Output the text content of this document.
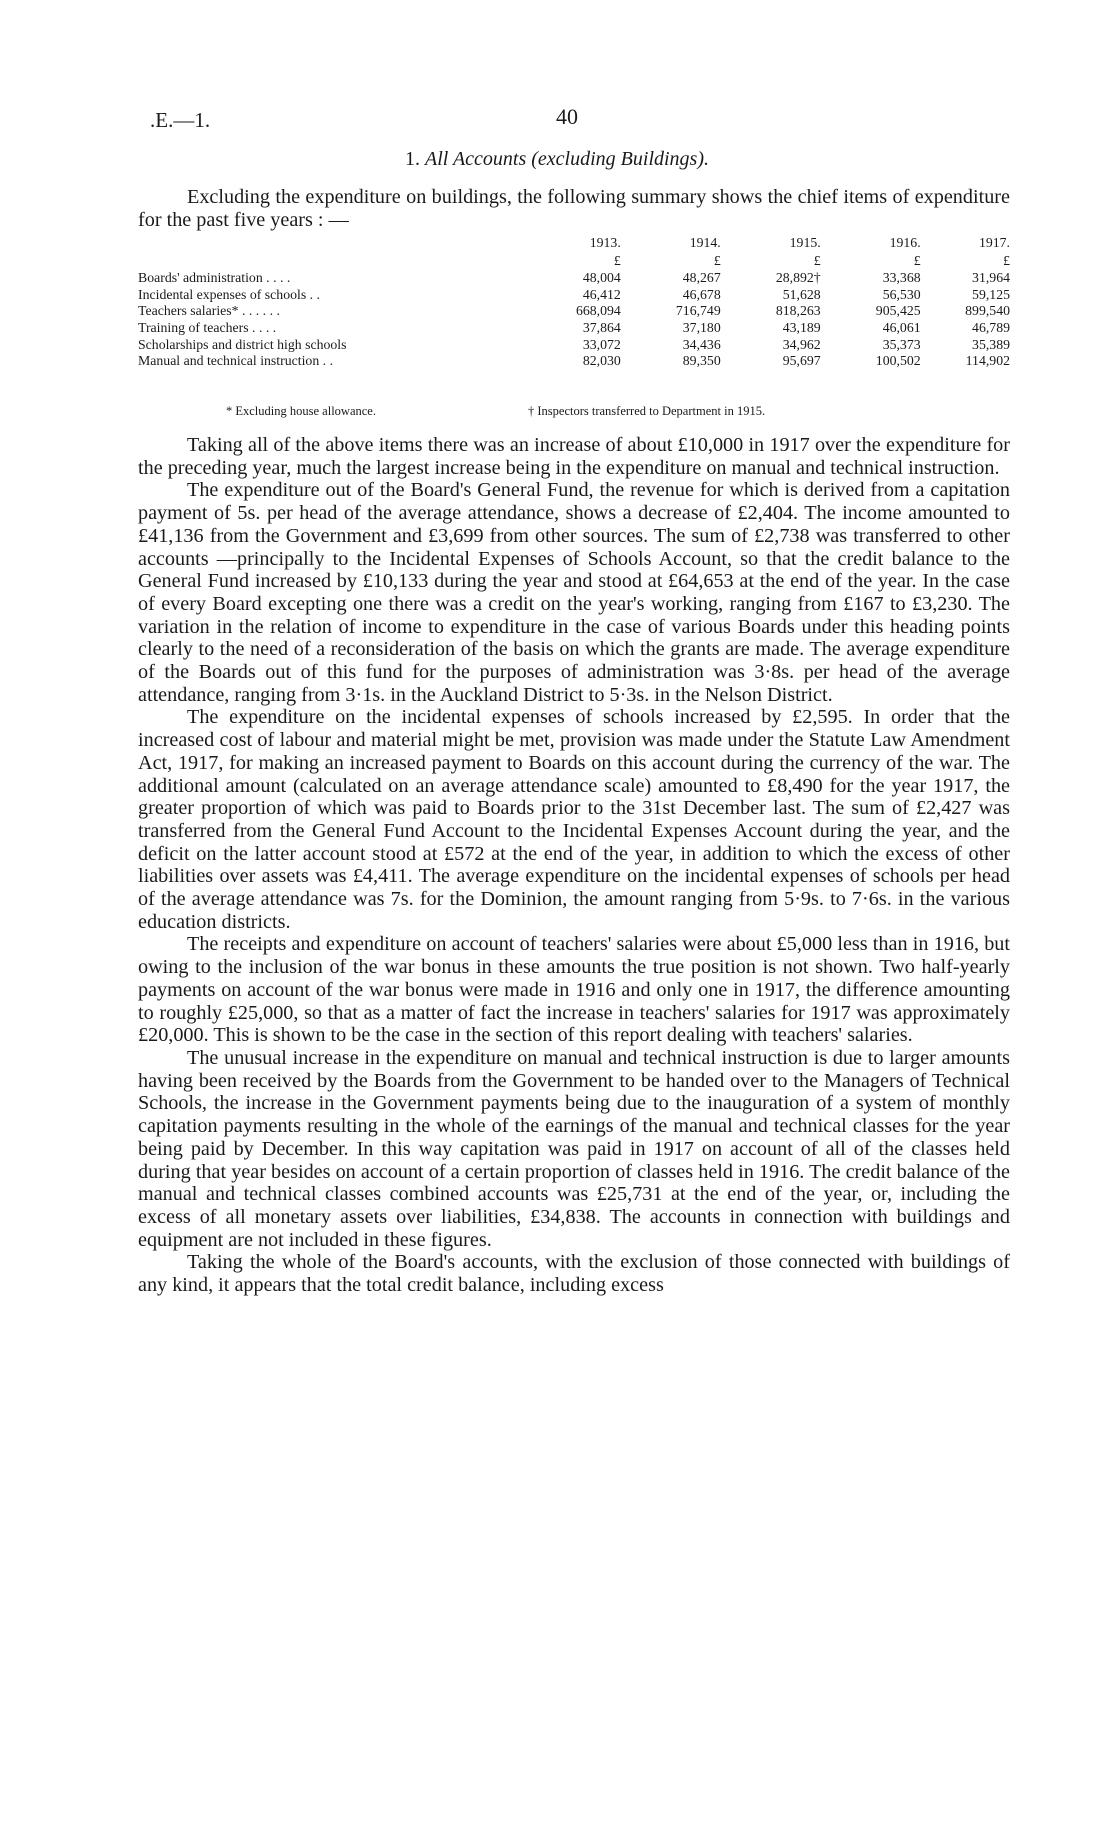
.E.—1.	40
1. All Accounts (excluding Buildings).

Excluding the expenditure on buildings, the following summary shows the chief items of expenditure for the past five years : —

	1913.	1914.	1915.	1916.	1917.
	£	£	£	£	£
Boards' administration . . . .	48,004	48,267	28,892†	33,368	31,964
Incidental expenses of schools . .	46,412	46,678	51,628	56,530	59,125
Teachers salaries* . . . . . .	668,094	716,749	818,263	905,425	899,540
Training of teachers . . . .	37,864	37,180	43,189	46,061	46,789
Scholarships and district high schools	33,072	34,436	34,962	35,373	35,389
Manual and technical instruction . .	82,030	89,350	95,697	100,502	114,902
* Excluding house allowance.	† Inspectors transferred to Department in 1915.

Taking all of the above items there was an increase of about £10,000 in 1917 over the expenditure for the preceding year, much the largest increase being in the expenditure on manual and technical instruction.

The expenditure out of the Board's General Fund, the revenue for which is derived from a capitation payment of 5s. per head of the average attendance, shows a decrease of £2,404. The income amounted to £41,136 from the Government and £3,699 from other sources. The sum of £2,738 was transferred to other accounts —principally to the Incidental Expenses of Schools Account, so that the credit balance to the General Fund increased by £10,133 during the year and stood at £64,653 at the end of the year. In the case of every Board excepting one there was a credit on the year's working, ranging from £167 to £3,230. The variation in the relation of income to expenditure in the case of various Boards under this heading points clearly to the need of a reconsideration of the basis on which the grants are made. The average expenditure of the Boards out of this fund for the purposes of administration was 3·8s. per head of the average attendance, ranging from 3·1s. in the Auckland District to 5·3s. in the Nelson District.

The expenditure on the incidental expenses of schools increased by £2,595. In order that the increased cost of labour and material might be met, provision was made under the Statute Law Amendment Act, 1917, for making an increased payment to Boards on this account during the currency of the war. The additional amount (calculated on an average attendance scale) amounted to £8,490 for the year 1917, the greater proportion of which was paid to Boards prior to the 31st December last. The sum of £2,427 was transferred from the General Fund Account to the Incidental Expenses Account during the year, and the deficit on the latter account stood at £572 at the end of the year, in addition to which the excess of other liabilities over assets was £4,411. The average expenditure on the incidental expenses of schools per head of the average attendance was 7s. for the Dominion, the amount ranging from 5·9s. to 7·6s. in the various education districts.

The receipts and expenditure on account of teachers' salaries were about £5,000 less than in 1916, but owing to the inclusion of the war bonus in these amounts the true position is not shown. Two half-yearly payments on account of the war bonus were made in 1916 and only one in 1917, the difference amounting to roughly £25,000, so that as a matter of fact the increase in teachers' salaries for 1917 was approximately £20,000. This is shown to be the case in the section of this report dealing with teachers' salaries.

The unusual increase in the expenditure on manual and technical instruction is due to larger amounts having been received by the Boards from the Government to be handed over to the Managers of Technical Schools, the increase in the Government payments being due to the inauguration of a system of monthly capitation payments resulting in the whole of the earnings of the manual and technical classes for the year being paid by December. In this way capitation was paid in 1917 on account of all of the classes held during that year besides on account of a certain proportion of classes held in 1916. The credit balance of the manual and technical classes combined accounts was £25,731 at the end of the year, or, including the excess of all monetary assets over liabilities, £34,838. The accounts in connection with buildings and equipment are not included in these figures.

Taking the whole of the Board's accounts, with the exclusion of those connected with buildings of any kind, it appears that the total credit balance, including excess
